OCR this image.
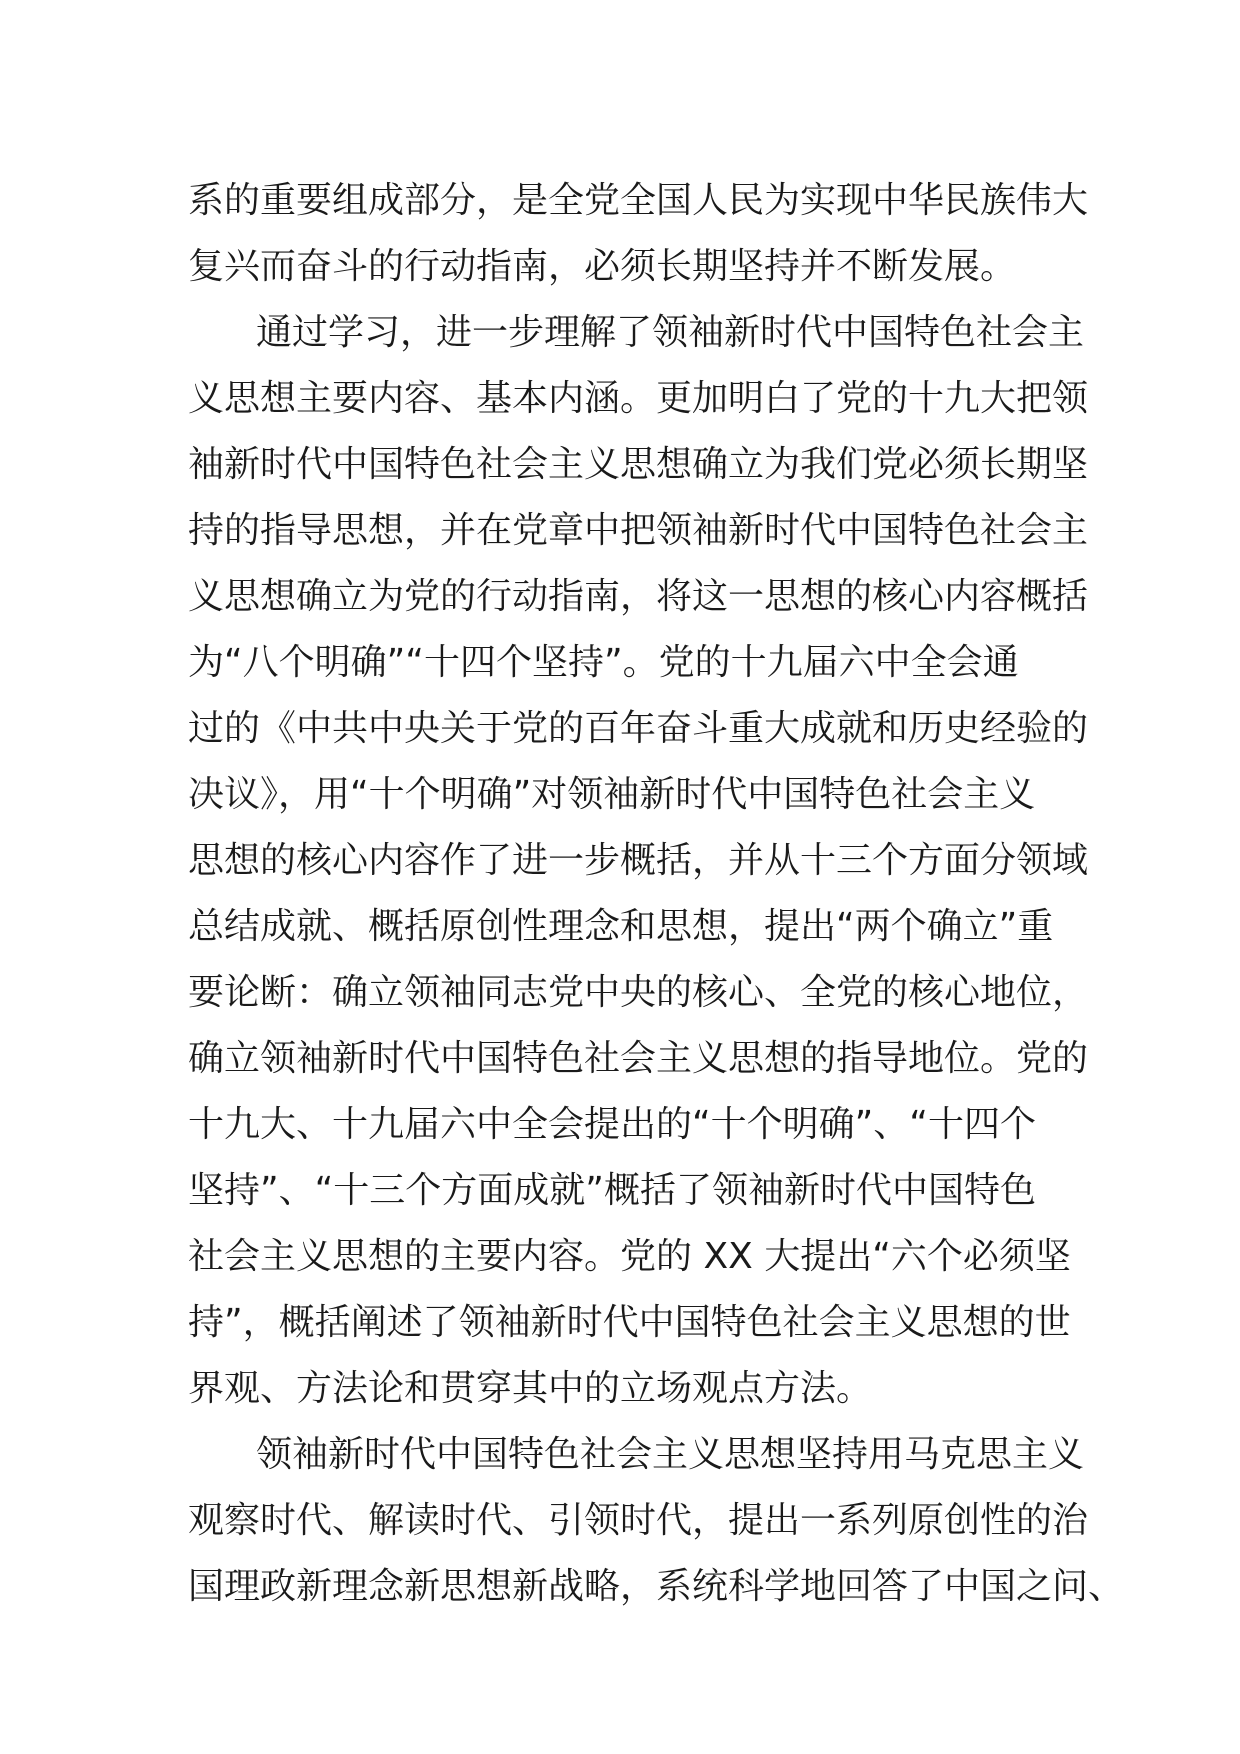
系的重要组成部分，是全党全国人民为实现中华民族伟大
复兴而奋斗的行动指南，必须长期坚持并不断发展。
通过学习，进一步理解了领袖新时代中国特色社会主
义思想主要内容、基本内涵。更加明白了党的十九大把领
袖新时代中国特色社会主义思想确立为我们党必须长期坚
持的指导思想，并在党章中把领袖新时代中国特色社会主
义思想确立为党的行动指南，将这一思想的核心内容概括
为“八个明确”“十四个坚持”。党的十九届六中全会通
过的《中共中央关于党的百年奋斗重大成就和历史经验的
决议》，用“十个明确”对领袖新时代中国特色社会主义
思想的核心内容作了进一步概括，并从十三个方面分领域
总结成就、概括原创性理念和思想，提出“两个确立”重
要论断：确立领袖同志党中央的核心、全党的核心地位，
确立领袖新时代中国特色社会主义思想的指导地位。党的
十九大、十九届六中全会提出的“十个明确”、“十四个
坚持”、“十三个方面成就”概括了领袖新时代中国特色
社会主义思想的主要内容。党的 XX 大提出“六个必须坚
持”，概括阐述了领袖新时代中国特色社会主义思想的世
界观、方法论和贯穿其中的立场观点方法。
领袖新时代中国特色社会主义思想坚持用马克思主义
观察时代、解读时代、引领时代，提出一系列原创性的治
国理政新理念新思想新战略，系统科学地回答了中国之问、
